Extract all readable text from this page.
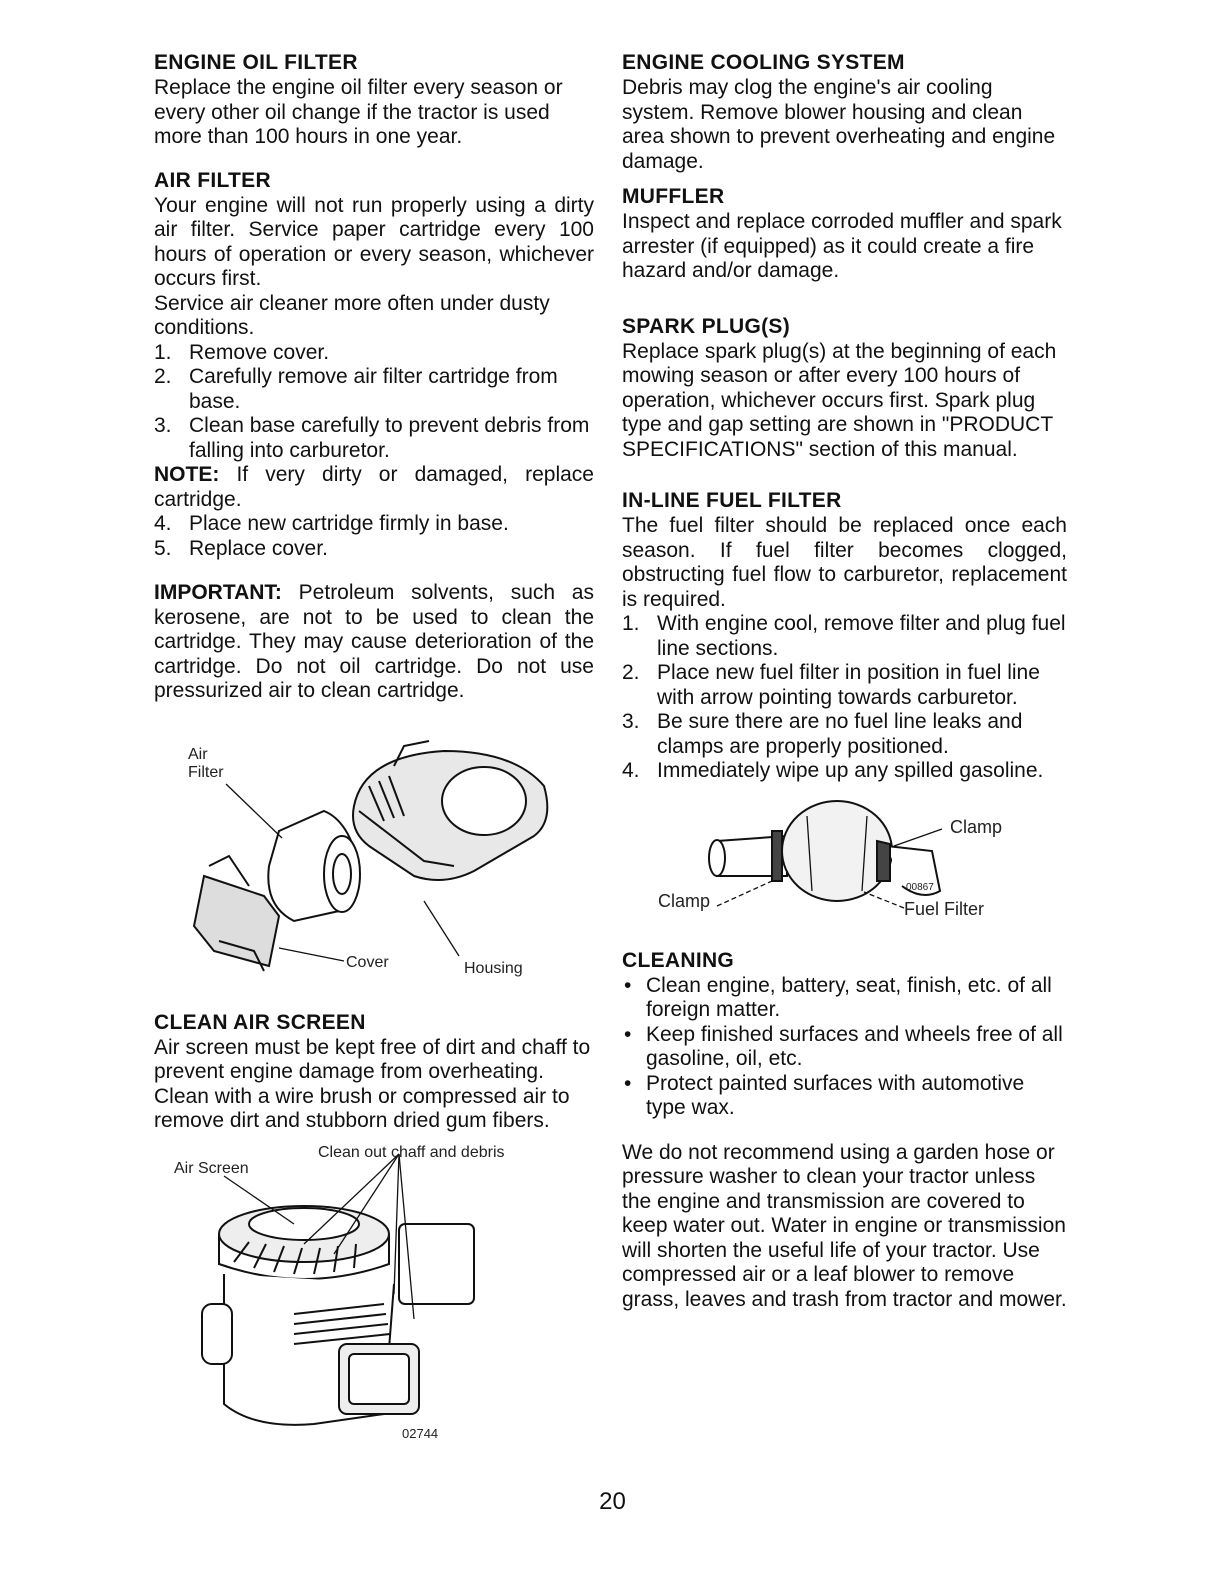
ENGINE OIL FILTER

Replace the engine oil filter every season or every other oil change if the tractor is used more than 100 hours in one year.

AIR FILTER

Your engine will not run properly using a dirty air filter. Service paper cartridge every 100 hours of operation or every season, whichever occurs first.

Service air cleaner more often under dusty conditions.

1. Remove cover.
2. Carefully remove air filter cartridge from base.
3. Clean base carefully to prevent debris from falling into carburetor.

NOTE: If very dirty or damaged, replace cartridge.

4. Place new cartridge firmly in base.
5. Replace cover.

IMPORTANT: Petroleum solvents, such as kerosene, are not to be used to clean the cartridge. They may cause deterioration of the cartridge. Do not oil cartridge. Do not use pressurized air to clean cartridge.

Air
Filter
Cover	Housing
CLEAN AIR SCREEN

Air screen must be kept free of dirt and chaff to prevent engine damage from overheating. Clean with a wire brush or compressed air to remove dirt and stubborn dried gum fibers.

Air Screen
Clean out chaff and debris
02744
ENGINE COOLING SYSTEM

Debris may clog the engine's air cooling system. Remove blower housing and clean area shown to prevent overheating and engine damage.

MUFFLER

Inspect and replace corroded muffler and spark arrester (if equipped) as it could create a fire hazard and/or damage.

SPARK PLUG(S)

Replace spark plug(s) at the beginning of each mowing season or after every 100 hours of operation, whichever occurs first. Spark plug type and gap setting are shown in "PRODUCT SPECIFICATIONS" section of this manual.

IN-LINE FUEL FILTER

The fuel filter should be replaced once each season. If fuel filter becomes clogged, obstructing fuel flow to carburetor, replacement is required.

1. With engine cool, remove filter and plug fuel line sections.
2. Place new fuel filter in position in fuel line with arrow pointing towards carburetor.
3. Be sure there are no fuel line leaks and clamps are properly positioned.
4. Immediately wipe up any spilled gasoline.
Clamp
Clamp	Fuel Filter
00867
CLEANING
• Clean engine, battery, seat, finish, etc. of all foreign matter.
• Keep finished surfaces and wheels free of all gasoline, oil, etc.
• Protect painted surfaces with automotive type wax.

We do not recommend using a garden hose or pressure washer to clean your tractor unless the engine and transmission are covered to keep water out. Water in engine or transmission will shorten the useful life of your tractor. Use compressed air or a leaf blower to remove grass, leaves and trash from tractor and mower.

20
